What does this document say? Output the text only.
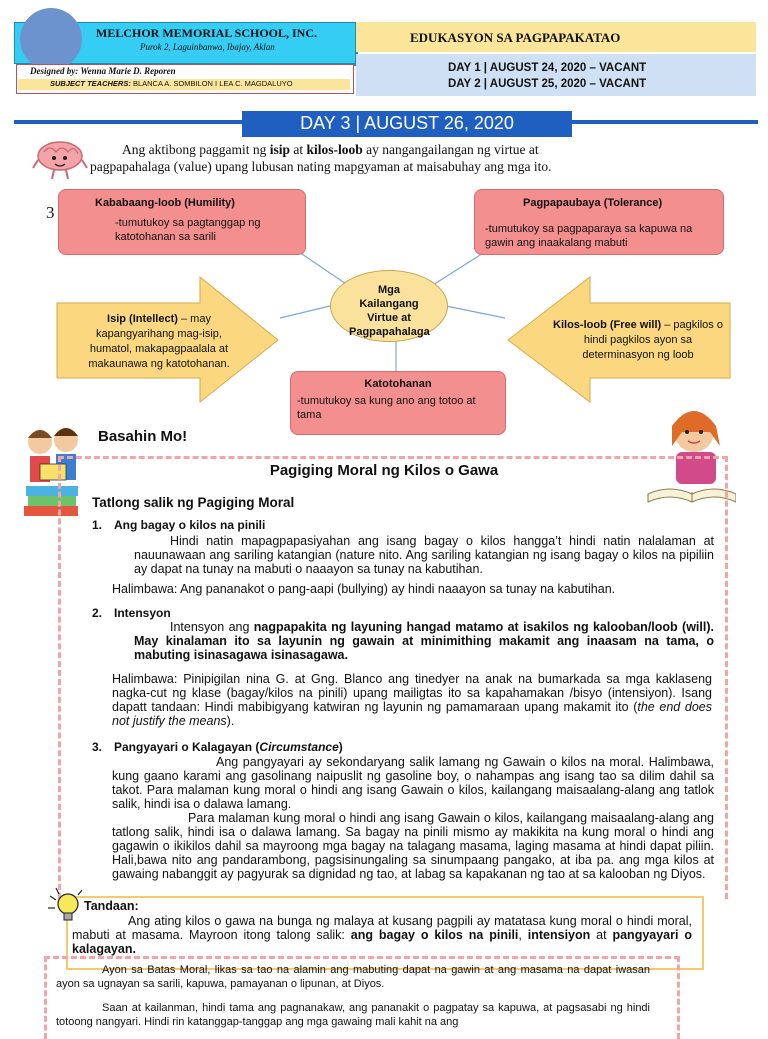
MELCHOR MEMORIAL SCHOOL, INC.
Purok 2, Laguinbanwa, Ibajay, Aklan
EDUKASYON SA PAGPAPAKATAO
Designed by: Wenna Marie D. Reporen
SUBJECT TEACHERS: BLANCA A. SOMBILON I LEA C. MAGDALUYO
DAY 1 | AUGUST 24, 2020 – VACANT
DAY 2 | AUGUST 25, 2020 – VACANT
DAY 3 | AUGUST 26, 2020
Ang aktibong paggamit ng isip at kilos-loob ay nangangailangan ng virtue at
pagpapahalaga (value) upang lubusan nating mapgyaman at maisabuhay ang mga ito.
3	Kababaang-loob (Humility)
-tumutukoy sa pagtanggap ng katotohanan sa sarili
Pagpapaubaya (Tolerance)
-tumutukoy sa pagpaparaya sa kapuwa na gawin ang inaakalang mabuti
Isip (Intellect) – may kapangyarihang mag-isip, humatol, makapagpaalala at makaunawa ng katotohanan.
Kilos-loob (Free will) – pagkilos o hindi pagkilos ayon sa determinasyon ng loob
Mga Kailangang Virtue at Pagpapahalaga
Katotohanan
-tumutukoy sa kung ano ang totoo at tama
Basahin Mo!
Pagiging Moral ng Kilos o Gawa
Tatlong salik ng Pagiging Moral
1. Ang bagay o kilos na pinili
Hindi natin mapagpapasiyahan ang isang bagay o kilos hangga’t hindi natin nalalaman at nauunawaan ang sariling katangian (nature nito. Ang sariling katangian ng isang bagay o kilos na pipiliin ay dapat na tunay na mabuti o naaayon sa tunay na kabutihan.
Halimbawa: Ang pananakot o pang-aapi (bullying) ay hindi naaayon sa tunay na kabutihan.
2. Intensyon
Intensyon ang nagpapakita ng layuning hangad matamo at isakilos ng kalooban/loob (will). May kinalaman ito sa layunin ng gawain at minimithing makamit ang inaasam na tama, o mabuting isinasagawa isinasagawa.
Halimbawa: Pinipigilan nina G. at Gng. Blanco ang tinedyer na anak na bumarkada sa mga kaklaseng nagka-cut ng klase (bagay/kilos na pinili) upang mailigtas ito sa kapahamakan /bisyo (intensiyon). Isang dapatt tandaan: Hindi mabibigyang katwiran ng layunin ng pamamaraan upang makamit ito (the end does not justify the means).
3. Pangyayari o Kalagayan (Circumstance)
Ang pangyayari ay sekondaryang salik lamang ng Gawain o kilos na moral. Halimbawa, kung gaano karami ang gasolinang naipuslit ng gasoline boy, o nahampas ang isang tao sa dilim dahil sa takot. Para malaman kung moral o hindi ang isang Gawain o kilos, kailangang maisaalang-alang ang tatlok salik, hindi isa o dalawa lamang.
Para malaman kung moral o hindi ang isang Gawain o kilos, kailangang maisaalang-alang ang tatlong salik, hindi isa o dalawa lamang. Sa bagay na pinili mismo ay makikita na kung moral o hindi ang gagawin o ikikilos dahil sa mayroong mga bagay na talagang masama, laging masama at hindi dapat piliin. Hali,bawa nito ang pandarambong, pagsisinungaling sa sinumpaang pangako, at iba pa. ang mga kilos at gawaing nabanggit ay pagyurak sa dignidad ng tao, at labag sa kapakanan ng tao at sa kalooban ng Diyos.
Tandaan:
Ang ating kilos o gawa na bunga ng malaya at kusang pagpili ay matatasa kung moral o hindi moral, mabuti at masama. Mayroon itong talong salik: ang bagay o kilos na pinili, intensiyon at pangyayari o kalagayan.
Ayon sa Batas Moral, likas sa tao na alamin ang mabuting dapat na gawin at ang masama na dapat iwasan ayon sa ugnayan sa sarili, kapuwa, pamayanan o lipunan, at Diyos.
Saan at kailanman, hindi tama ang pagnanakaw, ang pananakit o pagpatay sa kapuwa, at pagsasabi ng hindi totoong nangyari. Hindi rin katanggap-tanggap ang mga gawaing mali kahit na ang
